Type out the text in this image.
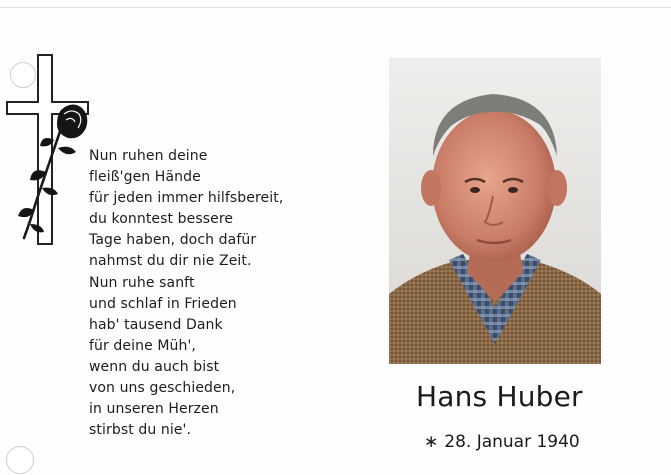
Nun ruhen deine
fleiß'gen Hände
für jeden immer hilfsbereit,
du konntest bessere
Tage haben, doch dafür
nahmst du dir nie Zeit.
Nun ruhe sanft
und schlaf in Frieden
hab' tausend Dank
für deine Müh',
wenn du auch bist
von uns geschieden,
in unseren Herzen
stirbst du nie'.
Hans Huber
∗ 28. Januar 1940
